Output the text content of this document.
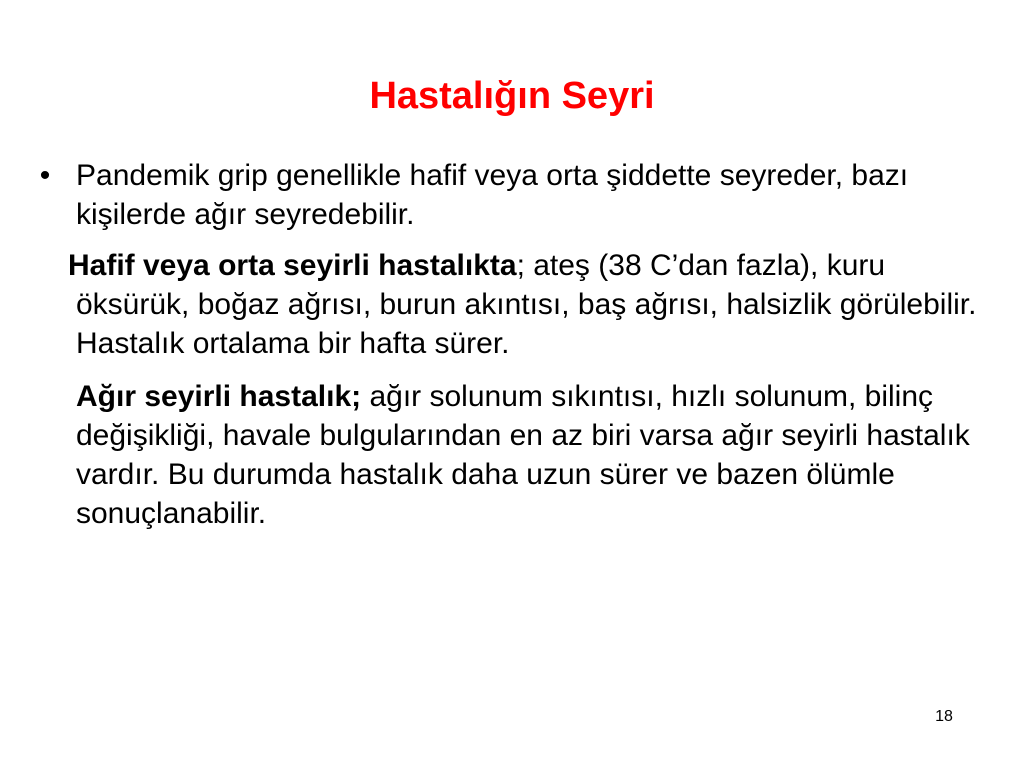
Hastalığın Seyri
• Pandemik grip genellikle hafif veya orta şiddette seyreder, bazı kişilerde ağır seyredebilir.
Hafif veya orta seyirli hastalıkta; ateş (38 C’dan fazla), kuru öksürük, boğaz ağrısı, burun akıntısı, baş ağrısı, halsizlik görülebilir. Hastalık ortalama bir hafta sürer.
Ağır seyirli hastalık; ağır solunum sıkıntısı, hızlı solunum, bilinç değişikliği, havale bulgularından en az biri varsa ağır seyirli hastalık vardır. Bu durumda hastalık daha uzun sürer ve bazen ölümle sonuçlanabilir.
18
